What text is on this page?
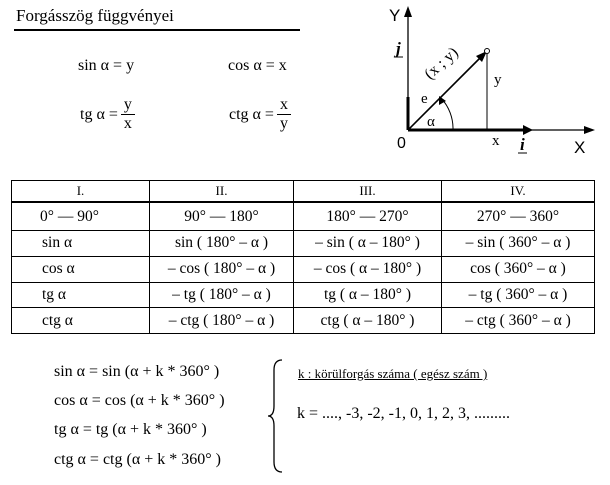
Forgásszög függvényei
sin α = y	cos α = x
tg $\alpha = \frac{y}{x}$	ctg $\alpha = \frac{x}{y}$
Y
X
j
i
0
e
α
y
x
(x ; y)
I.	II.	III.	IV.
0° — 90°	90° — 180°	180° — 270°	270° — 360°
sin α	sin ( 180° – α )	– sin ( α – 180° )	– sin ( 360° – α )
cos α	– cos ( 180° – α )	– cos ( α – 180° )	cos ( 360° – α )
tg α	– tg ( 180° – α )	tg ( α – 180° )	– tg ( 360° – α )
ctg α	– ctg ( 180° – α )	ctg ( α – 180° )	– ctg ( 360° – α )
sin α = sin (α + k * 360° )
cos α = cos (α + k * 360° )
tg α = tg (α + k * 360° )
ctg α = ctg (α + k * 360° )
k : körülforgás száma ( egész szám )
k = ...., -3, -2, -1, 0, 1, 2, 3, .........
